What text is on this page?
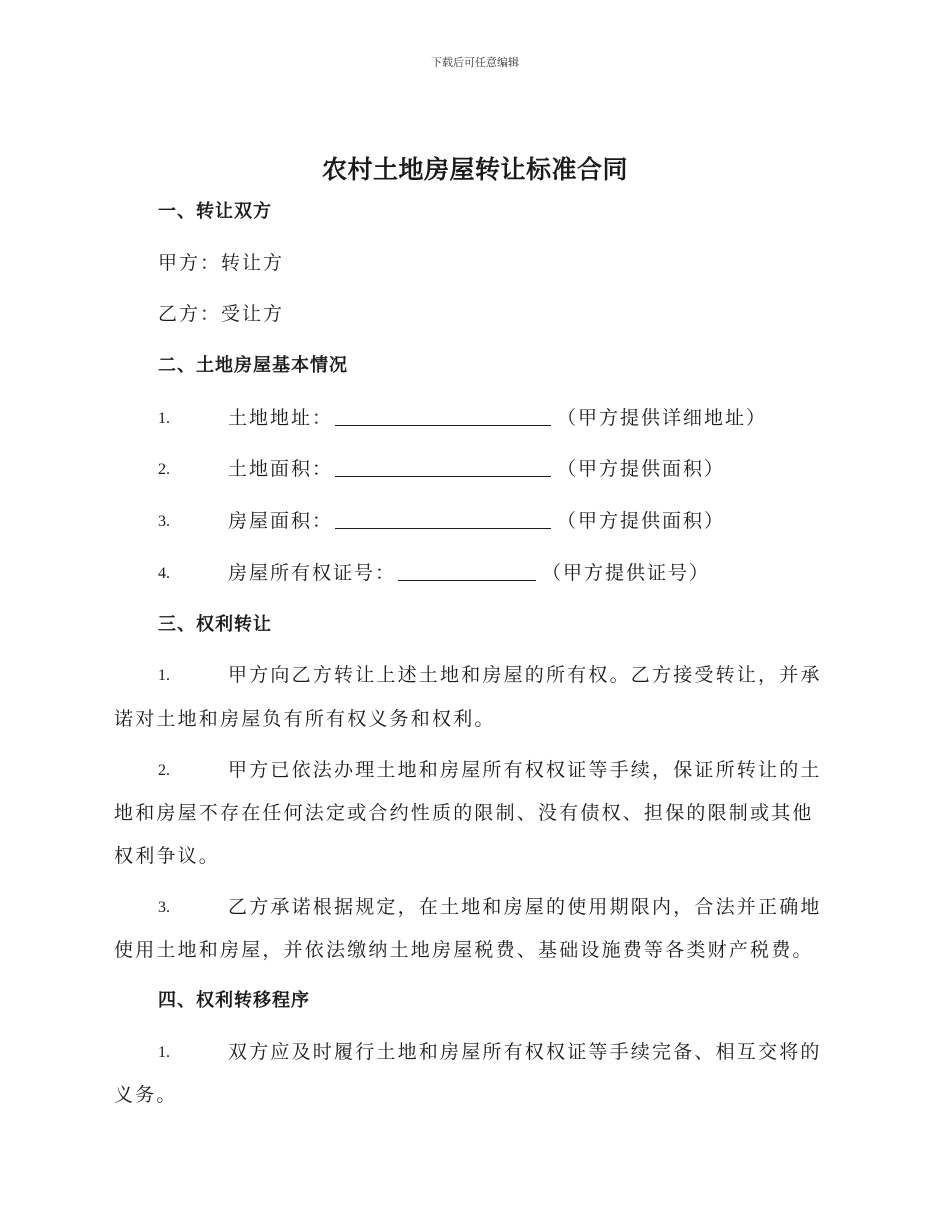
下载后可任意编辑
农村土地房屋转让标准合同
一、转让双方
甲方：转让方
乙方：受让方
二、土地房屋基本情况
1.	土地地址：	（甲方提供详细地址）
2.	土地面积：	（甲方提供面积）
3.	房屋面积：	（甲方提供面积）
4.	房屋所有权证号：	（甲方提供证号）
三、权利转让
1.	甲方向乙方转让上述土地和房屋的所有权。乙方接受转让，并承
诺对土地和房屋负有所有权义务和权利。
2.	甲方已依法办理土地和房屋所有权权证等手续，保证所转让的土
地和房屋不存在任何法定或合约性质的限制、没有债权、担保的限制或其他
权利争议。
3.	乙方承诺根据规定，在土地和房屋的使用期限内，合法并正确地
使用土地和房屋，并依法缴纳土地房屋税费、基础设施费等各类财产税费。
四、权利转移程序
1.	双方应及时履行土地和房屋所有权权证等手续完备、相互交将的
义务。
